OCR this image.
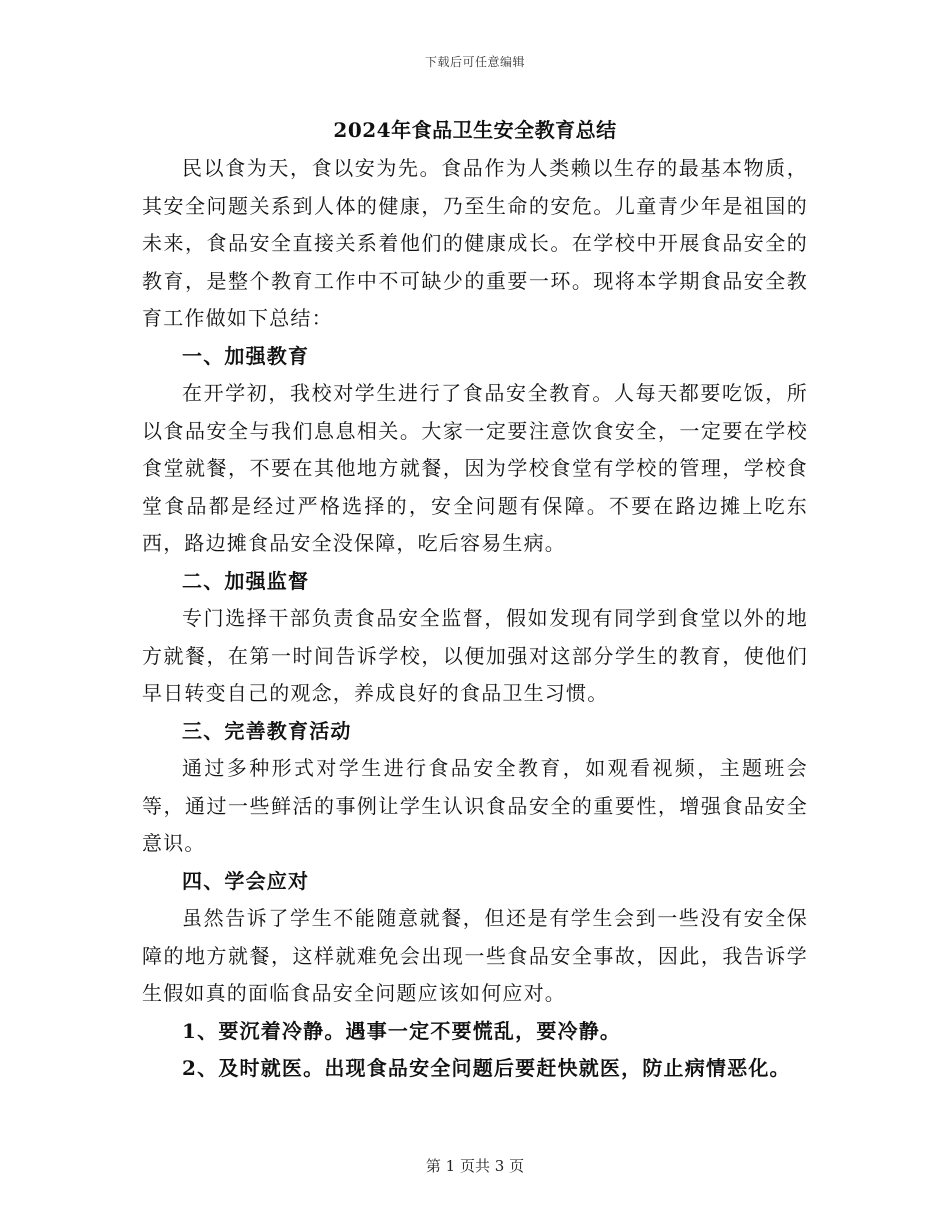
下载后可任意编辑
2024年食品卫生安全教育总结

民以食为天，食以安为先。食品作为人类赖以生存的最基本物质，其安全问题关系到人体的健康，乃至生命的安危。儿童青少年是祖国的未来，食品安全直接关系着他们的健康成长。在学校中开展食品安全的教育，是整个教育工作中不可缺少的重要一环。现将本学期食品安全教育工作做如下总结：

一、加强教育

在开学初，我校对学生进行了食品安全教育。人每天都要吃饭，所以食品安全与我们息息相关。大家一定要注意饮食安全，一定要在学校食堂就餐，不要在其他地方就餐，因为学校食堂有学校的管理，学校食堂食品都是经过严格选择的，安全问题有保障。不要在路边摊上吃东西，路边摊食品安全没保障，吃后容易生病。

二、加强监督

专门选择干部负责食品安全监督，假如发现有同学到食堂以外的地方就餐，在第一时间告诉学校，以便加强对这部分学生的教育，使他们早日转变自己的观念，养成良好的食品卫生习惯。

三、完善教育活动

通过多种形式对学生进行食品安全教育，如观看视频，主题班会等，通过一些鲜活的事例让学生认识食品安全的重要性，增强食品安全意识。

四、学会应对

虽然告诉了学生不能随意就餐，但还是有学生会到一些没有安全保障的地方就餐，这样就难免会出现一些食品安全事故，因此，我告诉学生假如真的面临食品安全问题应该如何应对。

1、要沉着冷静。遇事一定不要慌乱，要冷静。

2、及时就医。出现食品安全问题后要赶快就医，防止病情恶化。

第 1 页共 3 页
